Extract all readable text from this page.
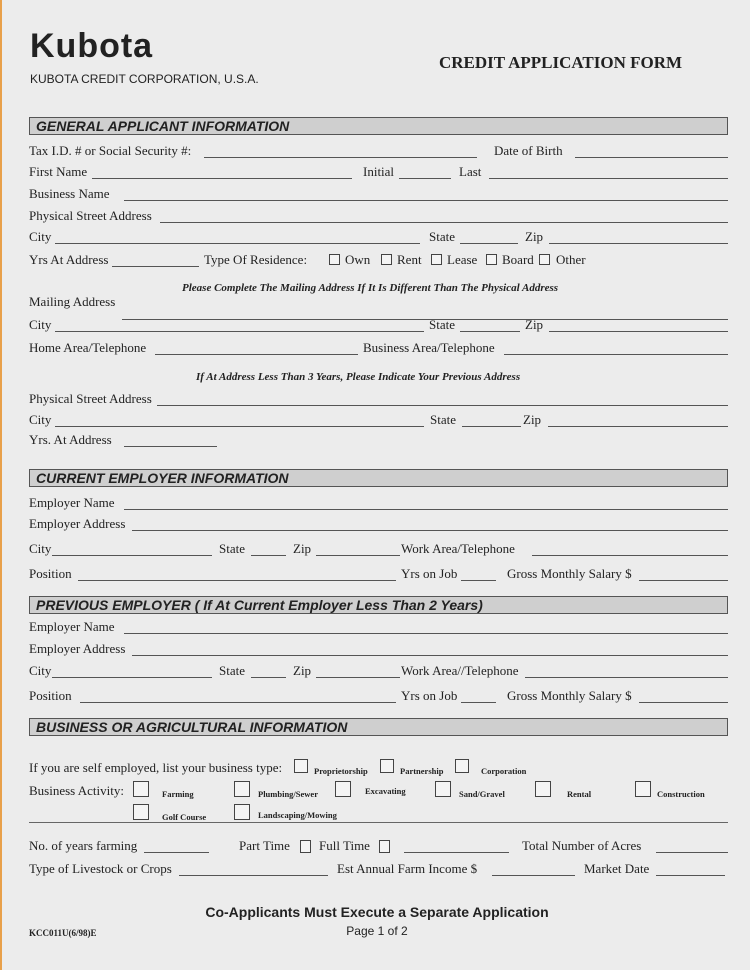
Kubota
KUBOTA CREDIT CORPORATION, U.S.A.
CREDIT APPLICATION FORM
GENERAL APPLICANT INFORMATION
Tax I.D. # or Social Security #:	Date of Birth
First Name	Initial	Last
Business Name
Physical Street Address
City	State	Zip
Yrs At Address	Type Of Residence:	Own Rent Lease Board Other
Please Complete The Mailing Address If It Is Different Than The Physical Address
Mailing Address
City	State	Zip
Home Area/Telephone	Business Area/Telephone
If At Address Less Than 3 Years, Please Indicate Your Previous Address
Physical Street Address
City	State	Zip
Yrs. At Address
CURRENT EMPLOYER INFORMATION
Employer Name
Employer Address
City	State	Zip	Work Area/Telephone
Position	Yrs on Job	Gross Monthly Salary $
PREVIOUS EMPLOYER ( If At Current Employer Less Than 2 Years)
Employer Name
Employer Address
City	State	Zip	Work Area//Telephone
Position	Yrs on Job	Gross Monthly Salary $
BUSINESS OR AGRICULTURAL INFORMATION
If you are self employed, list your business type:	Proprietorship	Partnership	Corporation
Business Activity:	Farming	Plumbing/Sewer	Excavating	Sand/Gravel	Rental	Construction
Golf Course	Landscaping/Mowing
No. of years farming	Part Time Full Time	Total Number of Acres
Type of Livestock or Crops	Est Annual Farm Income $	Market Date
Co-Applicants Must Execute a Separate Application
KCC011U(6/98)E	Page 1 of 2
